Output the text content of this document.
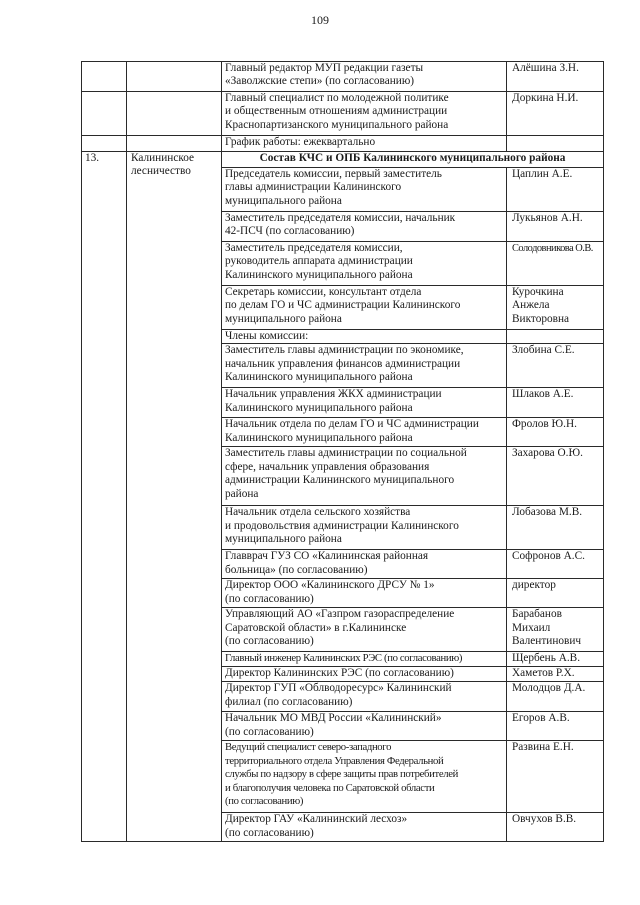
109
		Главный редактор МУП редакции газеты
«Заволжские степи» (по согласованию)	Алёшина З.Н.
		Главный специалист по молодежной политике
и общественным отношениям администрации
Краснопартизанского муниципального района	Доркина Н.И.
		График работы: ежеквартально	
13.	Калининское
лесничество	Состав КЧС и ОПБ Калининского муниципального района	
		Председатель комиссии, первый заместитель
главы администрации Калининского
муниципального района	Цаплин А.Е.
		Заместитель председателя комиссии, начальник
42-ПСЧ (по согласованию)	Лукьянов А.Н.
		Заместитель председателя комиссии,
руководитель аппарата администрации
Калининского муниципального района	Солодовникова О.В.
		Секретарь комиссии, консультант отдела
по делам ГО и ЧС администрации Калининского
муниципального района	Курочкина
Анжела
Викторовна
		Члены комиссии:	
		Заместитель главы администрации по экономике,
начальник управления финансов администрации
Калининского муниципального района	Злобина С.Е.
		Начальник управления ЖКХ администрации
Калининского муниципального района	Шлаков А.Е.
		Начальник отдела по делам ГО и ЧС администрации
Калининского муниципального района	Фролов Ю.Н.
		Заместитель главы администрации по социальной
сфере, начальник управления образования
администрации Калининского муниципального
района	Захарова О.Ю.
		Начальник отдела сельского хозяйства
и продовольствия администрации Калининского
муниципального района	Лобазова М.В.
		Главврач ГУЗ СО «Калининская районная
больница» (по согласованию)	Софронов А.С.
		Директор ООО «Калининского ДРСУ № 1»
(по согласованию)	директор
		Управляющий АО «Газпром газораспределение
Саратовской области» в г.Калининске
(по согласованию)	Барабанов
Михаил
Валентинович
		Главный инженер Калининских РЭС (по согласованию)	Щербень А.В.
		Директор Калининских РЭС (по согласованию)	Хаметов Р.Х.
		Директор ГУП «Облводоресурс» Калининский
филиал (по согласованию)	Молодцов Д.А.
		Начальник МО МВД России «Калининский»
(по согласованию)	Егоров А.В.
		Ведущий специалист северо-западного
территориального отдела Управления Федеральной
службы по надзору в сфере защиты прав потребителей
и благополучия человека по Саратовской области
(по согласованию)	Развина Е.Н.
		Директор ГАУ «Калининский лесхоз»
(по согласованию)	Овчухов В.В.
